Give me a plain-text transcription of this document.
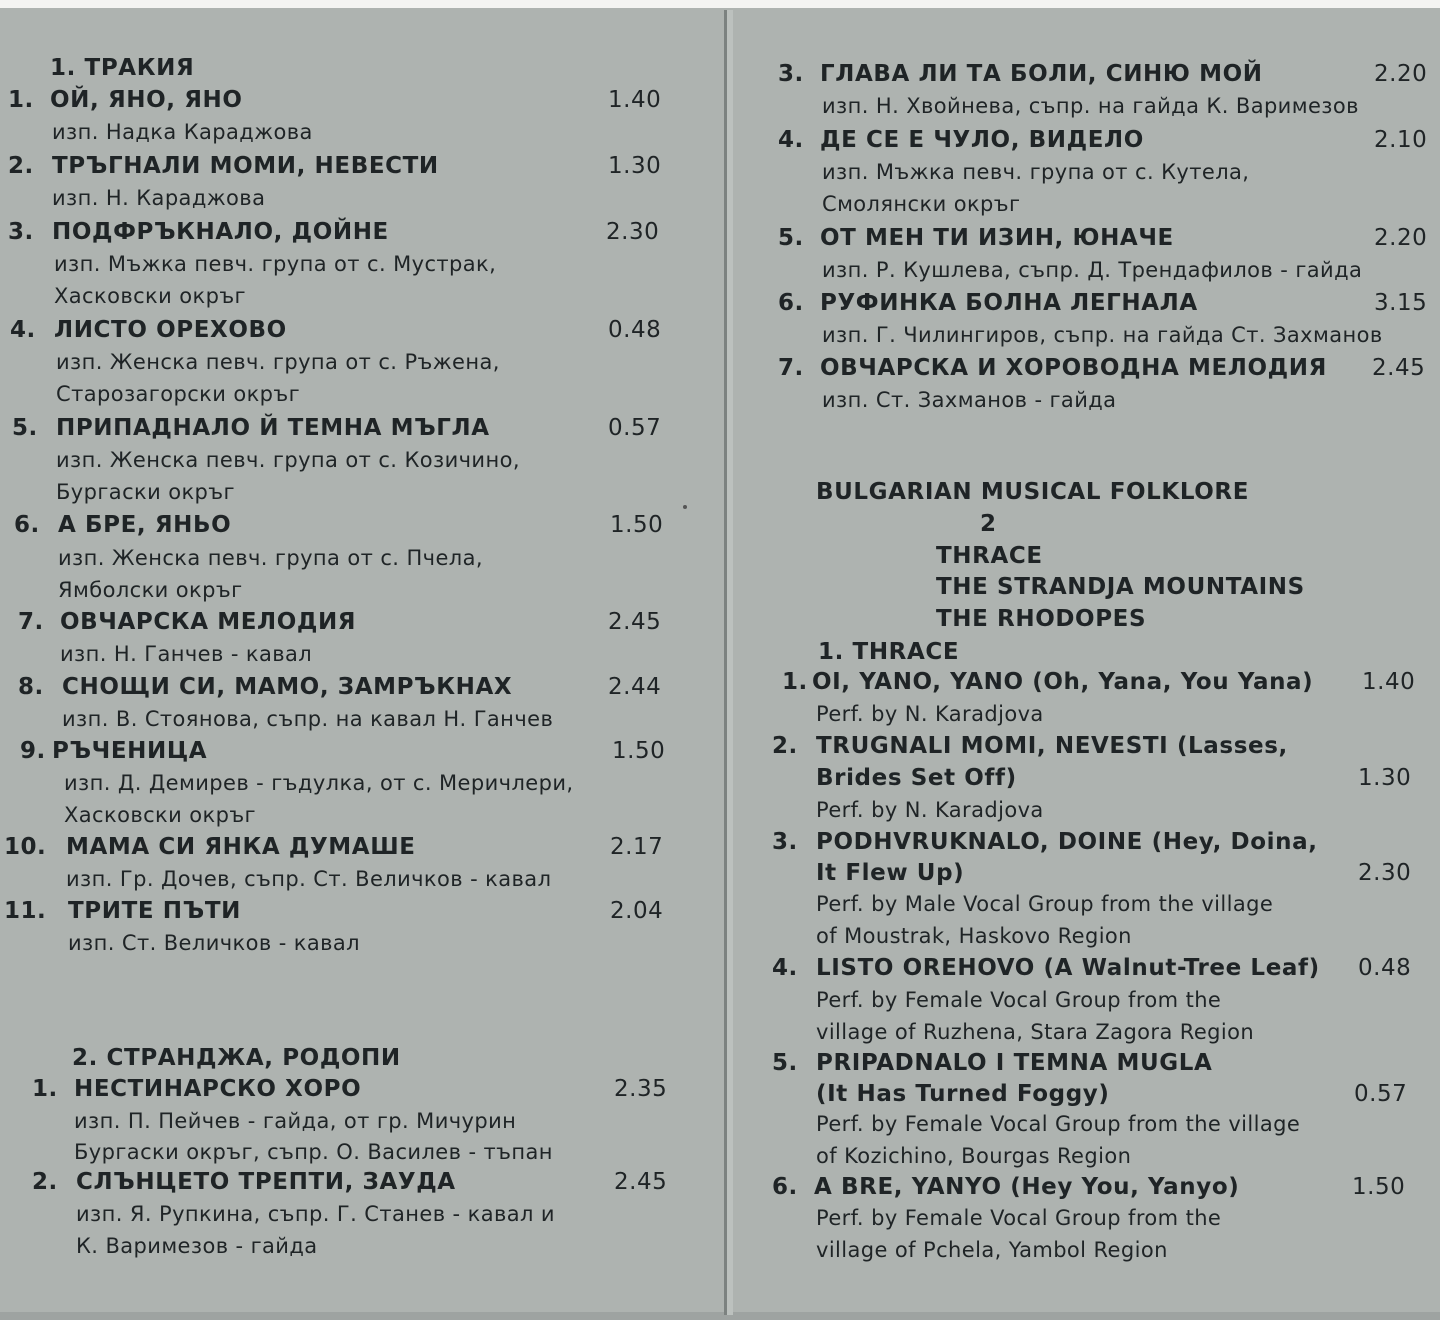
1. ТРАКИЯ
1. ОЙ, ЯНО, ЯНО	1.40
изп. Надка Караджова
2. ТРЪГНАЛИ МОМИ, НЕВЕСТИ	1.30
изп. Н. Караджова
3. ПОДФРЪКНАЛО, ДОЙНЕ	2.30
изп. Мъжка певч. група от с. Мустрак,
Хасковски окръг
4. ЛИСТО ОРЕХОВО	0.48
изп. Женска певч. група от с. Ръжена,
Старозагорски окръг
5. ПРИПАДНАЛО Й ТЕМНА МЪГЛА	0.57
изп. Женска певч. група от с. Козичино,
Бургаски окръг
6. А БРЕ, ЯНЬО	1.50
изп. Женска певч. група от с. Пчела,
Ямболски окръг
7. ОВЧАРСКА МЕЛОДИЯ	2.45
изп. Н. Ганчев - кавал
8. СНОЩИ СИ, МАМО, ЗАМРЪКНАХ	2.44
изп. В. Стоянова, съпр. на кавал Н. Ганчев
9. РЪЧЕНИЦА	1.50
изп. Д. Демирев - гъдулка, от с. Меричлери,
Хасковски окръг
10. МАМА СИ ЯНКА ДУМАШЕ	2.17
изп. Гр. Дочев, съпр. Ст. Величков - кавал
11. ТРИТЕ ПЪТИ	2.04
изп. Ст. Величков - кавал
2. СТРАНДЖА, РОДОПИ
1. НЕСТИНАРСКО ХОРО	2.35
изп. П. Пейчев - гайда, от гр. Мичурин
Бургаски окръг, съпр. О. Василев - тъпан
2. СЛЪНЦЕТО ТРЕПТИ, ЗАУДА	2.45
изп. Я. Рупкина, съпр. Г. Станев - кавал и
К. Варимезов - гайда
3. ГЛАВА ЛИ ТА БОЛИ, СИНЮ МОЙ	2.20
изп. Н. Хвойнева, съпр. на гайда К. Варимезов
4. ДЕ СЕ Е ЧУЛО, ВИДЕЛО	2.10
изп. Мъжка певч. група от с. Кутела,
Смолянски окръг
5. ОТ МЕН ТИ ИЗИН, ЮНАЧЕ	2.20
изп. Р. Кушлева, съпр. Д. Трендафилов - гайда
6. РУФИНКА БОЛНА ЛЕГНАЛА	3.15
изп. Г. Чилингиров, съпр. на гайда Ст. Захманов
7. ОВЧАРСКА И ХОРОВОДНА МЕЛОДИЯ 2.45
изп. Ст. Захманов - гайда
BULGARIAN MUSICAL FOLKLORE
2
THRACE
THE STRANDJA MOUNTAINS
THE RHODOPES
1. THRACE
1. OI, YANO, YANO (Oh, Yana, You Yana) 1.40
Perf. by N. Karadjova
2. TRUGNALI MOMI, NEVESTI (Lasses,
Brides Set Off)	1.30
Perf. by N. Karadjova
3. PODHVRUKNALO, DOINE (Hey, Doina,
It Flew Up)	2.30
Perf. by Male Vocal Group from the village
of Moustrak, Haskovo Region
4. LISTO OREHOVO (A Walnut-Tree Leaf) 0.48
Perf. by Female Vocal Group from the
village of Ruzhena, Stara Zagora Region
5. PRIPADNALO I TEMNA MUGLA
(It Has Turned Foggy)	0.57
Perf. by Female Vocal Group from the village
of Kozichino, Bourgas Region
6. A BRE, YANYO (Hey You, Yanyo)	1.50
Perf. by Female Vocal Group from the
village of Pchela, Yambol Region
